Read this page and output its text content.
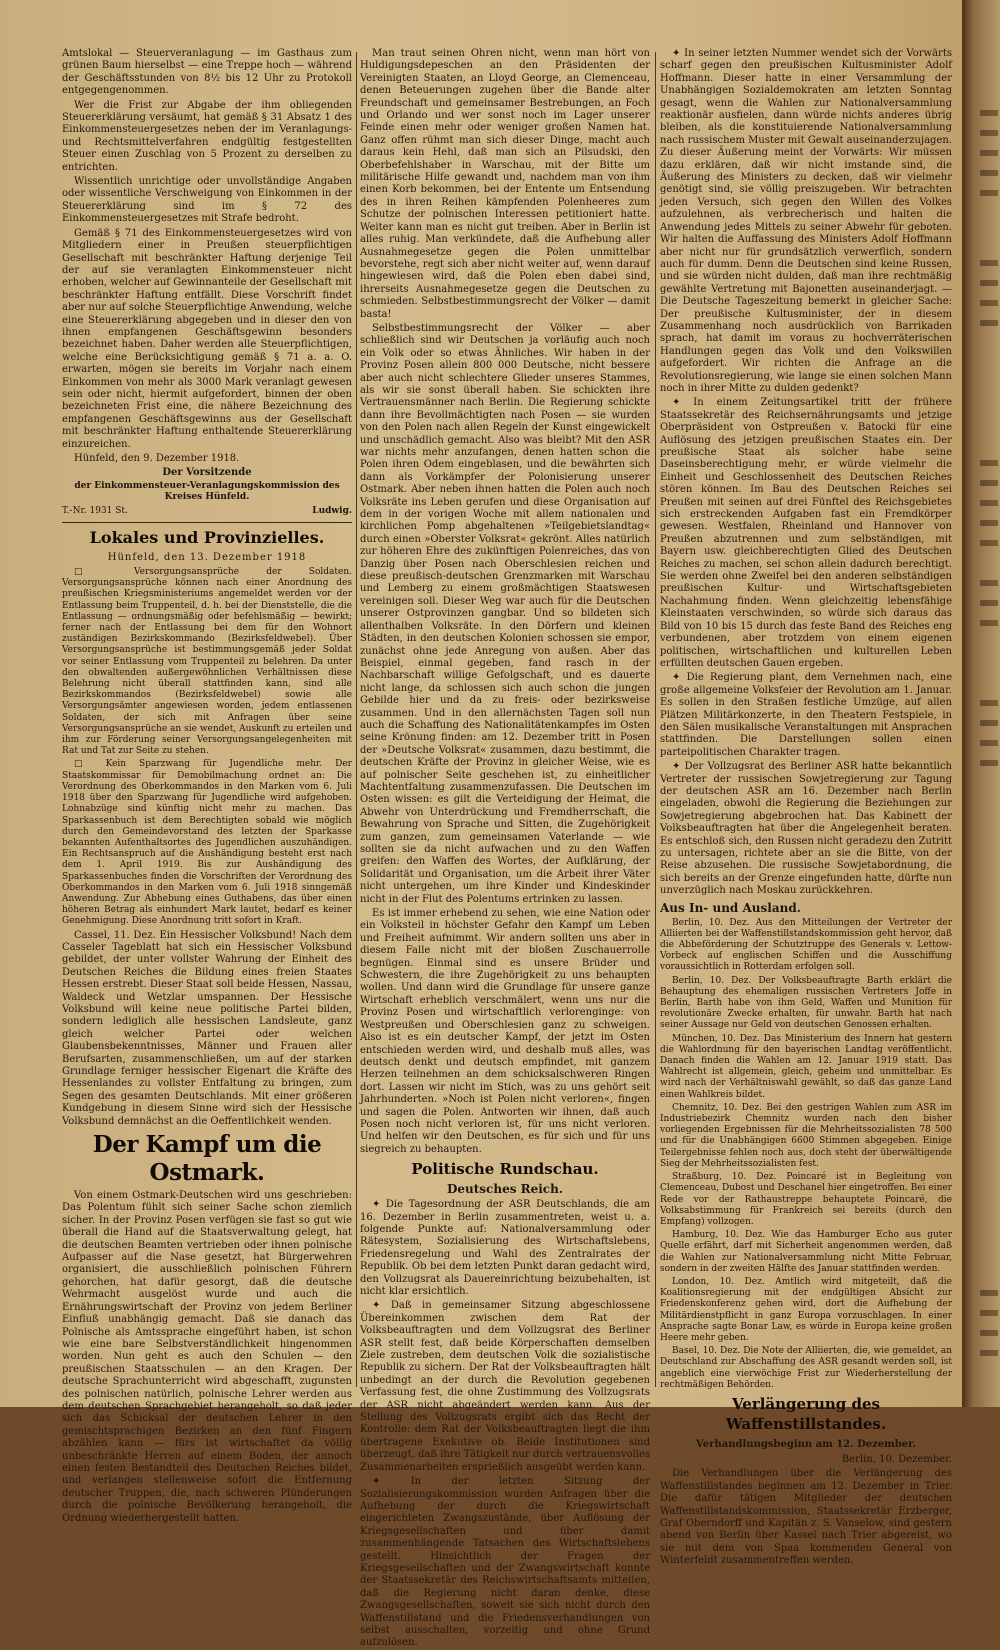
Amtslokal — Steuerveranlagung — im Gasthaus zum grünen Baum hierselbst — eine Treppe hoch — während der Geschäftsstunden von 8½ bis 12 Uhr zu Protokoll entgegengenommen.

Wer die Frist zur Abgabe der ihm obliegenden Steuererklärung versäumt, hat gemäß § 31 Absatz 1 des Einkommensteuergesetzes neben der im Veranlagungs- und Rechtsmittelverfahren endgültig festgestellten Steuer einen Zuschlag von 5 Prozent zu derselben zu entrichten.

Wissentlich unrichtige oder unvollständige Angaben oder wissentliche Verschweigung von Einkommen in der Steuererklärung sind im § 72 des Einkommensteuergesetzes mit Strafe bedroht.

Gemäß § 71 des Einkommensteuergesetzes wird von Mitgliedern einer in Preußen steuerpflichtigen Gesellschaft mit beschränkter Haftung derjenige Teil der auf sie veranlagten Einkommensteuer nicht erhoben, welcher auf Gewinnanteile der Gesellschaft mit beschränkter Haftung entfällt. Diese Vorschrift findet aber nur auf solche Steuerpflichtige Anwendung, welche eine Steuererklärung abgegeben und in dieser den von ihnen empfangenen Geschäftsgewinn besonders bezeichnet haben. Daher werden alle Steuerpflichtigen, welche eine Berücksichtigung gemäß § 71 a. a. O. erwarten, mögen sie bereits im Vorjahr nach einem Einkommen von mehr als 3000 Mark veranlagt gewesen sein oder nicht, hiermit aufgefordert, binnen der oben bezeichneten Frist eine, die nähere Bezeichnung des empfangenen Geschäftsgewinns aus der Gesellschaft mit beschränkter Haftung enthaltende Steuererklärung einzureichen.

Hünfeld, den 9. Dezember 1918.

Der Vorsitzende

der Einkommensteuer-Veranlagungskommission des Kreises Hünfeld.

T.-Nr. 1931 St.	Ludwig.
Lokales und Provinzielles.
Hünfeld, den 13. Dezember 1918

□ Versorgungsansprüche der Soldaten. Versorgungsansprüche können nach einer Anordnung des preußischen Kriegsministeriums angemeldet werden vor der Entlassung beim Truppenteil, d. h. bei der Dienststelle, die die Entlassung — ordnungsmäßig oder befehlsmäßig — bewirkt; ferner nach der Entlassung bei dem für den Wohnort zuständigen Bezirkskommando (Bezirksfeldwebel). Über Versorgungsansprüche ist bestimmungsgemäß jeder Soldat vor seiner Entlassung vom Truppenteil zu belehren. Da unter den obwaltenden außergewöhnlichen Verhältnissen diese Belehrung nicht überall stattfinden kann, sind alle Bezirkskommandos (Bezirksfeldwebel) sowie alle Versorgungsämter angewiesen worden, jedem entlassenen Soldaten, der sich mit Anfragen über seine Versorgungsansprüche an sie wendet, Auskunft zu erteilen und ihm zur Förderung seiner Versorgungsangelegenheiten mit Rat und Tat zur Seite zu stehen.

□ Kein Sparzwang für Jugendliche mehr. Der Staatskommissar für Demobilmachung ordnet an: Die Verordnung des Oberkommandos in den Marken vom 6. Juli 1918 über den Sparzwang für Jugendliche wird aufgehoben. Lohnabzüge sind künftig nicht mehr zu machen. Das Sparkassenbuch ist dem Berechtigten sobald wie möglich durch den Gemeindevorstand des letzten der Sparkasse bekannten Aufenthaltsortes des Jugendlichen auszuhändigen. Ein Rechtsanspruch auf die Aushändigung besteht erst nach dem 1. April 1919. Bis zur Aushändigung des Sparkassenbuches finden die Vorschriften der Verordnung des Oberkommandos in den Marken vom 6. Juli 1918 sinngemäß Anwendung. Zur Abhebung eines Guthabens, das über einen höheren Betrag als einhundert Mark lautet, bedarf es keiner Genehmigung. Diese Anordnung tritt sofort in Kraft.

Cassel, 11. Dez. Ein Hessischer Volksbund! Nach dem Casseler Tageblatt hat sich ein Hessischer Volksbund gebildet, der unter vollster Wahrung der Einheit des Deutschen Reiches die Bildung eines freien Staates Hessen erstrebt. Dieser Staat soll beide Hessen, Nassau, Waldeck und Wetzlar umspannen. Der Hessische Volksbund will keine neue politische Partei bilden, sondern lediglich alle hessischen Landsleute, ganz gleich welcher Partei oder welchen Glaubensbekenntnisses, Männer und Frauen aller Berufsarten, zusammenschließen, um auf der starken Grundlage ferniger hessischer Eigenart die Kräfte des Hessenlandes zu vollster Entfaltung zu bringen, zum Segen des gesamten Deutschlands. Mit einer größeren Kundgebung in diesem Sinne wird sich der Hessische Volksbund demnächst an die Oeffentlichkeit wenden.

Der Kampf um die Ostmark.

Von einem Ostmark-Deutschen wird uns geschrieben: Das Polentum fühlt sich seiner Sache schon ziemlich sicher. In der Provinz Posen verfügen sie fast so gut wie überall die Hand auf die Staatsverwaltung gelegt, hat die deutschen Beamten vertrieben oder ihnen polnische Aufpasser auf die Nase gesetzt, hat Bürgerwehren organisiert, die ausschließlich polnischen Führern gehorchen, hat dafür gesorgt, daß die deutsche Wehrmacht ausgelöst wurde und auch die Ernährungswirtschaft der Provinz von jedem Berliner Einfluß unabhängig gemacht. Daß sie danach das Polnische als Amtssprache eingeführt haben, ist schon wie eine bare Selbstverständlichkeit hingenommen worden. Nun geht es auch den Schulen — den preußischen Staatsschulen — an den Kragen. Der deutsche Sprachunterricht wird abgeschafft, zugunsten des polnischen natürlich, polnische Lehrer werden aus dem deutschen Sprachgebiet herangeholt, so daß jeder sich das Schicksal der deutschen Lehrer in den gemischtsprachigen Bezirken an den fünf Fingern abzählen kann — fürs ist wirtschaftet da völlig unbeschränkte Herren auf einem Boden, der annoch einen festen Bestandteil des Deutschen Reiches bildet, und verlangen stellenweise sofort die Entfernung deutscher Truppen, die, nach schweren Plünderungen durch die polnische Bevölkerung herangeholt, die Ordnung wiederhergestellt hatten.

Man traut seinen Ohren nicht, wenn man hört von Huldigungsdepeschen an den Präsidenten der Vereinigten Staaten, an Lloyd George, an Clemenceau, denen Beteuerungen zugehen über die Bande alter Freundschaft und gemeinsamer Bestrebungen, an Foch und Orlando und wer sonst noch im Lager unserer Feinde einen mehr oder weniger großen Namen hat. Ganz offen rühmt man sich dieser Dinge, macht auch daraus kein Hehl, daß man sich an Pilsudski, den Oberbefehlshaber in Warschau, mit der Bitte um militärische Hilfe gewandt und, nachdem man von ihm einen Korb bekommen, bei der Entente um Entsendung des in ihren Reihen kämpfenden Polenheeres zum Schutze der polnischen Interessen petitioniert hatte. Weiter kann man es nicht gut treiben. Aber in Berlin ist alles ruhig. Man verkündete, daß die Aufhebung aller Ausnahmegesetze gegen die Polen unmittelbar bevorstehe, regt sich aber nicht weiter auf, wenn darauf hingewiesen wird, daß die Polen eben dabei sind, ihrerseits Ausnahmegesetze gegen die Deutschen zu schmieden. Selbstbestimmungsrecht der Völker — damit basta!

Selbstbestimmungsrecht der Völker — aber schließlich sind wir Deutschen ja vorläufig auch noch ein Volk oder so etwas Ähnliches. Wir haben in der Provinz Posen allein 800 000 Deutsche, nicht bessere aber auch nicht schlechtere Glieder unseres Stammes, als wir sie sonst überall haben. Sie schickten ihre Vertrauensmänner nach Berlin. Die Regierung schickte dann ihre Bevollmächtigten nach Posen — sie wurden von den Polen nach allen Regeln der Kunst eingewickelt und unschädlich gemacht. Also was bleibt? Mit den ASR war nichts mehr anzufangen, denen hatten schon die Polen ihren Odem eingeblasen, und die bewährten sich dann als Vorkämpfer der Polonisierung unserer Ostmark. Aber neben ihnen hatten die Polen auch noch Volksräte ins Leben gerufen und diese Organisation auf dem in der vorigen Woche mit allem nationalen und kirchlichen Pomp abgehaltenen »Teilgebietslandtag« durch einen »Oberster Volksrat« gekrönt. Alles natürlich zur höheren Ehre des zukünftigen Polenreiches, das von Danzig über Posen nach Oberschlesien reichen und diese preußisch-deutschen Grenzmarken mit Warschau und Lemberg zu einem großmächtigen Staatswesen vereinigen soll. Dieser Weg war auch für die Deutschen unserer Ostprovinzen gangbar. Und so bildeten sich allenthalben Volksräte. In den Dörfern und kleinen Städten, in den deutschen Kolonien schossen sie empor, zunächst ohne jede Anregung von außen. Aber das Beispiel, einmal gegeben, fand rasch in der Nachbarschaft willige Gefolgschaft, und es dauerte nicht lange, da schlossen sich auch schon die jungen Gebilde hier und da zu freis- oder bezirksweise zusammen. Und in den allernächsten Tagen soll nun auch die Schaffung des Nationalitätenkampfes im Osten seine Krönung finden: am 12. Dezember tritt in Posen der »Deutsche Volksrat« zusammen, dazu bestimmt, die deutschen Kräfte der Provinz in gleicher Weise, wie es auf polnischer Seite geschehen ist, zu einheitlicher Machtentfaltung zusammenzufassen. Die Deutschen im Osten wissen: es gilt die Verteidigung der Heimat, die Abwehr von Unterdrückung und Fremdherrschaft, die Bewahrung von Sprache und Sitten, die Zugehörigkeit zum ganzen, zum gemeinsamen Vaterlande — wie sollten sie da nicht aufwachen und zu den Waffen greifen: den Waffen des Wortes, der Aufklärung, der Solidarität und Organisation, um die Arbeit ihrer Väter nicht untergehen, um ihre Kinder und Kindeskinder nicht in der Flut des Polentums ertrinken zu lassen.

Es ist immer erhebend zu sehen, wie eine Nation oder ein Volksteil in höchster Gefahr den Kampf um Leben und Freiheit aufnimmt. Wir andern sollten uns aber in diesem Falle nicht mit der bloßen Zuschauerrolle begnügen. Einmal sind es unsere Brüder und Schwestern, die ihre Zugehörigkeit zu uns behaupten wollen. Und dann wird die Grundlage für unsere ganze Wirtschaft erheblich verschmälert, wenn uns nur die Provinz Posen und wirtschaftlich verlorenginge: von Westpreußen und Oberschlesien ganz zu schweigen. Also ist es ein deutscher Kampf, der jetzt im Osten entschieden werden wird, und deshalb muß alles, was deutsch denkt und deutsch empfindet, mit ganzem Herzen teilnehmen an dem schicksalschweren Ringen dort. Lassen wir nicht im Stich, was zu uns gehört seit Jahrhunderten. »Noch ist Polen nicht verloren«, fingen und sagen die Polen. Antworten wir ihnen, daß auch Posen noch nicht verloren ist, für uns nicht verloren. Und helfen wir den Deutschen, es für sich und für uns siegreich zu behaupten.

Politische Rundschau.
Deutsches Reich.

✦ Die Tagesordnung der ASR Deutschlands, die am 16. Dezember in Berlin zusammentreten, weist u. a. folgende Punkte auf: Nationalversammlung oder Rätesystem, Sozialisierung des Wirtschaftslebens, Friedensregelung und Wahl des Zentralrates der Republik. Ob bei dem letzten Punkt daran gedacht wird, den Vollzugsrat als Dauereinrichtung beizubehalten, ist nicht klar ersichtlich.

✦ Daß in gemeinsamer Sitzung abgeschlossene Übereinkommen zwischen dem Rat der Volksbeauftragten und dem Vollzugsrat des Berliner ASR stellt fest, daß beide Körperschaften demselben Ziele zustreben, dem deutschen Volk die sozialistische Republik zu sichern. Der Rat der Volksbeauftragten hält unbedingt an der durch die Revolution gegebenen Verfassung fest, die ohne Zustimmung des Vollzugsrats der ASR nicht abgeändert werden kann. Aus der Stellung des Vollzugsrats ergibt sich das Recht der Kontrolle: dem Rat der Volksbeauftragten liegt die ihm übertragene Exekutive ob. Beide Institutionen sind überzeugt, daß ihre Tätigkeit nur durch vertrauensvolles Zusammenarbeiten ersprießlich ausgeübt werden kann.

✦ In der letzten Sitzung der Sozialisierungskommission wurden Anfragen über die Aufhebung der durch die Kriegswirtschaft eingerichteten Zwangszustände, über Auflösung der Kriegsgesellschaften und über damit zusammenhängende Tatsachen des Wirtschaftslebens gestellt. Hinsichtlich der Fragen der Kriegsgesellschaften und der Zwangswirtschaft konnte der Staatssekretär des Reichswirtschaftsamts mitteilen, daß die Regierung nicht daran denke, diese Zwangsgesellschaften, soweit sie sich nicht durch den Waffenstillstand und die Friedensverhandlungen von selbst ausschalten, vorzeitig und ohne Grund aufzulösen.

✦ In seiner letzten Nummer wendet sich der Vorwärts scharf gegen den preußischen Kultusminister Adolf Hoffmann. Dieser hatte in einer Versammlung der Unabhängigen Sozialdemokraten am letzten Sonntag gesagt, wenn die Wahlen zur Nationalversammlung reaktionär ausfielen, dann würde nichts anderes übrig bleiben, als die konstituierende Nationalversammlung nach russischem Muster mit Gewalt auseinanderzujagen. Zu dieser Äußerung meint der Vorwärts: Wir müssen dazu erklären, daß wir nicht imstande sind, die Äußerung des Ministers zu decken, daß wir vielmehr genötigt sind, sie völlig preiszugeben. Wir betrachten jeden Versuch, sich gegen den Willen des Volkes aufzulehnen, als verbrecherisch und halten die Anwendung jedes Mittels zu seiner Abwehr für geboten. Wir halten die Auffassung des Ministers Adolf Hoffmann aber nicht nur für grundsätzlich verwerflich, sondern auch für dumm. Denn die Deutschen sind keine Russen, und sie würden nicht dulden, daß man ihre rechtmäßig gewählte Vertretung mit Bajonetten auseinanderjagt. — Die Deutsche Tageszeitung bemerkt in gleicher Sache: Der preußische Kultusminister, der in diesem Zusammenhang noch ausdrücklich von Barrikaden sprach, hat damit im voraus zu hochverräterischen Handlungen gegen das Volk und den Volkswillen aufgefordert. Wir richten die Anfrage an die Revolutionsregierung, wie lange sie einen solchen Mann noch in ihrer Mitte zu dulden gedenkt?

✦ In einem Zeitungsartikel tritt der frühere Staatssekretär des Reichsernährungsamts und jetzige Oberpräsident von Ostpreußen v. Batocki für eine Auflösung des jetzigen preußischen Staates ein. Der preußische Staat als solcher habe seine Daseinsberechtigung mehr, er würde vielmehr die Einheit und Geschlossenheit des Deutschen Reiches stören können. Im Bau des Deutschen Reiches sei Preußen mit seinen auf drei Fünftel des Reichsgebietes sich erstreckenden Aufgaben fast ein Fremdkörper gewesen. Westfalen, Rheinland und Hannover von Preußen abzutrennen und zum selbständigen, mit Bayern usw. gleichberechtigten Glied des Deutschen Reiches zu machen, sei schon allein dadurch berechtigt. Sie werden ohne Zweifel bei den anderen selbständigen preußischen Kultur- und Wirtschaftsgebieten Nachahmung finden. Wenn gleichzeitig lebensfähige Kleinstaaten verschwinden, so würde sich daraus das Bild von 10 bis 15 durch das feste Band des Reiches eng verbundenen, aber trotzdem von einem eigenen politischen, wirtschaftlichen und kulturellen Leben erfüllten deutschen Gauen ergeben.

✦ Die Regierung plant, dem Vernehmen nach, eine große allgemeine Volksfeier der Revolution am 1. Januar. Es sollen in den Straßen festliche Umzüge, auf allen Plätzen Militärkonzerte, in den Theatern Festspiele, in den Sälen musikalische Veranstaltungen mit Ansprachen stattfinden. Die Darstellungen sollen einen parteipolitischen Charakter tragen.

✦ Der Vollzugsrat des Berliner ASR hatte bekanntlich Vertreter der russischen Sowjetregierung zur Tagung der deutschen ASR am 16. Dezember nach Berlin eingeladen, obwohl die Regierung die Beziehungen zur Sowjetregierung abgebrochen hat. Das Kabinett der Volksbeauftragten hat über die Angelegenheit beraten. Es entschloß sich, den Russen nicht geradezu den Zutritt zu untersagen, richtete aber an sie die Bitte, von der Reise abzusehen. Die russische Sowjetabordnung, die sich bereits an der Grenze eingefunden hatte, dürfte nun unverzüglich nach Moskau zurückkehren.

Aus In- und Ausland.

Berlin, 10. Dez. Aus den Mitteilungen der Vertreter der Alliierten bei der Waffenstillstandskommission geht hervor, daß die Abbeförderung der Schutztruppe des Generals v. Lettow-Vorbeck auf englischen Schiffen und die Ausschiffung voraussichtlich in Rotterdam erfolgen soll.

Berlin, 10. Dez. Der Volksbeauftragte Barth erklärt die Behauptung des ehemaligen russischen Vertreters Joffe in Berlin, Barth habe von ihm Geld, Waffen und Munition für revolutionäre Zwecke erhalten, für unwahr. Barth hat nach seiner Aussage nur Geld von deutschen Genossen erhalten.

München, 10. Dez. Das Ministerium des Innern hat gestern die Wahlordnung für den bayerischen Landtag veröffentlicht. Danach finden die Wahlen am 12. Januar 1919 statt. Das Wahlrecht ist allgemein, gleich, geheim und unmittelbar. Es wird nach der Verhältniswahl gewählt, so daß das ganze Land einen Wahlkreis bildet.

Chemnitz, 10. Dez. Bei den gestrigen Wahlen zum ASR im Industriebezirk Chemnitz wurden nach den bisher vorliegenden Ergebnissen für die Mehrheitssozialisten 78 500 und für die Unabhängigen 6600 Stimmen abgegeben. Einige Teilergebnisse fehlen noch aus, doch steht der überwältigende Sieg der Mehrheitssozialisten fest.

Straßburg, 10. Dez. Poincaré ist in Begleitung von Clemenceau, Dubost und Deschanel hier eingetroffen. Bei einer Rede vor der Rathaustreppe behauptete Poincaré, die Volksabstimmung für Frankreich sei bereits (durch den Empfang) vollzogen.

Hamburg, 10. Dez. Wie das Hamburger Echo aus guter Quelle erfährt, darf mit Sicherheit angenommen werden, daß die Wahlen zur Nationalversammlung nicht Mitte Februar, sondern in der zweiten Hälfte des Januar stattfinden werden.

London, 10. Dez. Amtlich wird mitgeteilt, daß die Koalitionsregierung mit der endgültigen Absicht zur Friedenskonferenz gehen wird, dort die Aufhebung der Militärdienstpflicht in ganz Europa vorzuschlagen. In einer Ansprache sagte Bonar Law, es würde in Europa keine großen Heere mehr geben.

Basel, 10. Dez. Die Note der Alliierten, die, wie gemeldet, an Deutschland zur Abschaffung des ASR gesandt werden soll, ist angeblich eine vierwöchige Frist zur Wiederherstellung der rechtmäßigen Behörden.

Verlängerung des Waffenstillstandes.
Verhandlungsbeginn am 12. Dezember.
Berlin, 10. Dezember.

Die Verhandlungen über die Verlängerung des Waffenstillstandes beginnen am 12. Dezember in Trier. Die dafür tätigen Mitglieder der deutschen Waffenstillstandskommission, Staatssekretär Erzberger, Graf Oberndorff und Kapitän z. S. Vanselow, sind gestern abend von Berlin über Kassel nach Trier abgereist, wo sie mit dem von Spaa kommenden General von Winterfeldt zusammentreffen werden.
